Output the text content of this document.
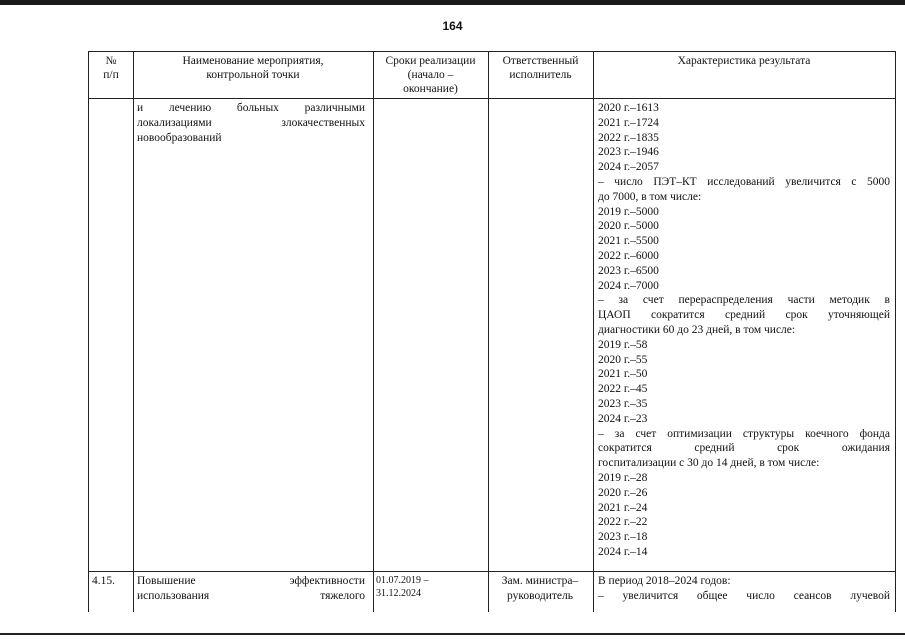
164
№
п/п
Наименование мероприятия,
контрольной точки
Сроки реализации
(начало –
окончание)
Ответственный
исполнитель
Характеристика результата
и лечению больных различными
локализациями злокачественных
новообразований
2020 г.–1613
2021 г.–1724
2022 г.–1835
2023 г.–1946
2024 г.–2057
– число ПЭТ–КТ исследований увеличится с 5000
до 7000, в том числе:
2019 г.–5000
2020 г.–5000
2021 г.–5500
2022 г.–6000
2023 г.–6500
2024 г.–7000
– за счет перераспределения части методик в
ЦАОП сократится средний срок уточняющей
диагностики 60 до 23 дней, в том числе:
2019 г.–58
2020 г.–55
2021 г.–50
2022 г.–45
2023 г.–35
2024 г.–23
– за счет оптимизации структуры коечного фонда
сократится средний срок ожидания
госпитализации с 30 до 14 дней, в том числе:
2019 г.–28
2020 г.–26
2021 г.–24
2022 г.–22
2023 г.–18
2024 г.–14
4.15.	Повышение эффективности
использования тяжелого
01.07.2019 –
31.12.2024
Зам. министра–
руководитель
В период 2018–2024 годов:
– увеличится общее число сеансов лучевой
